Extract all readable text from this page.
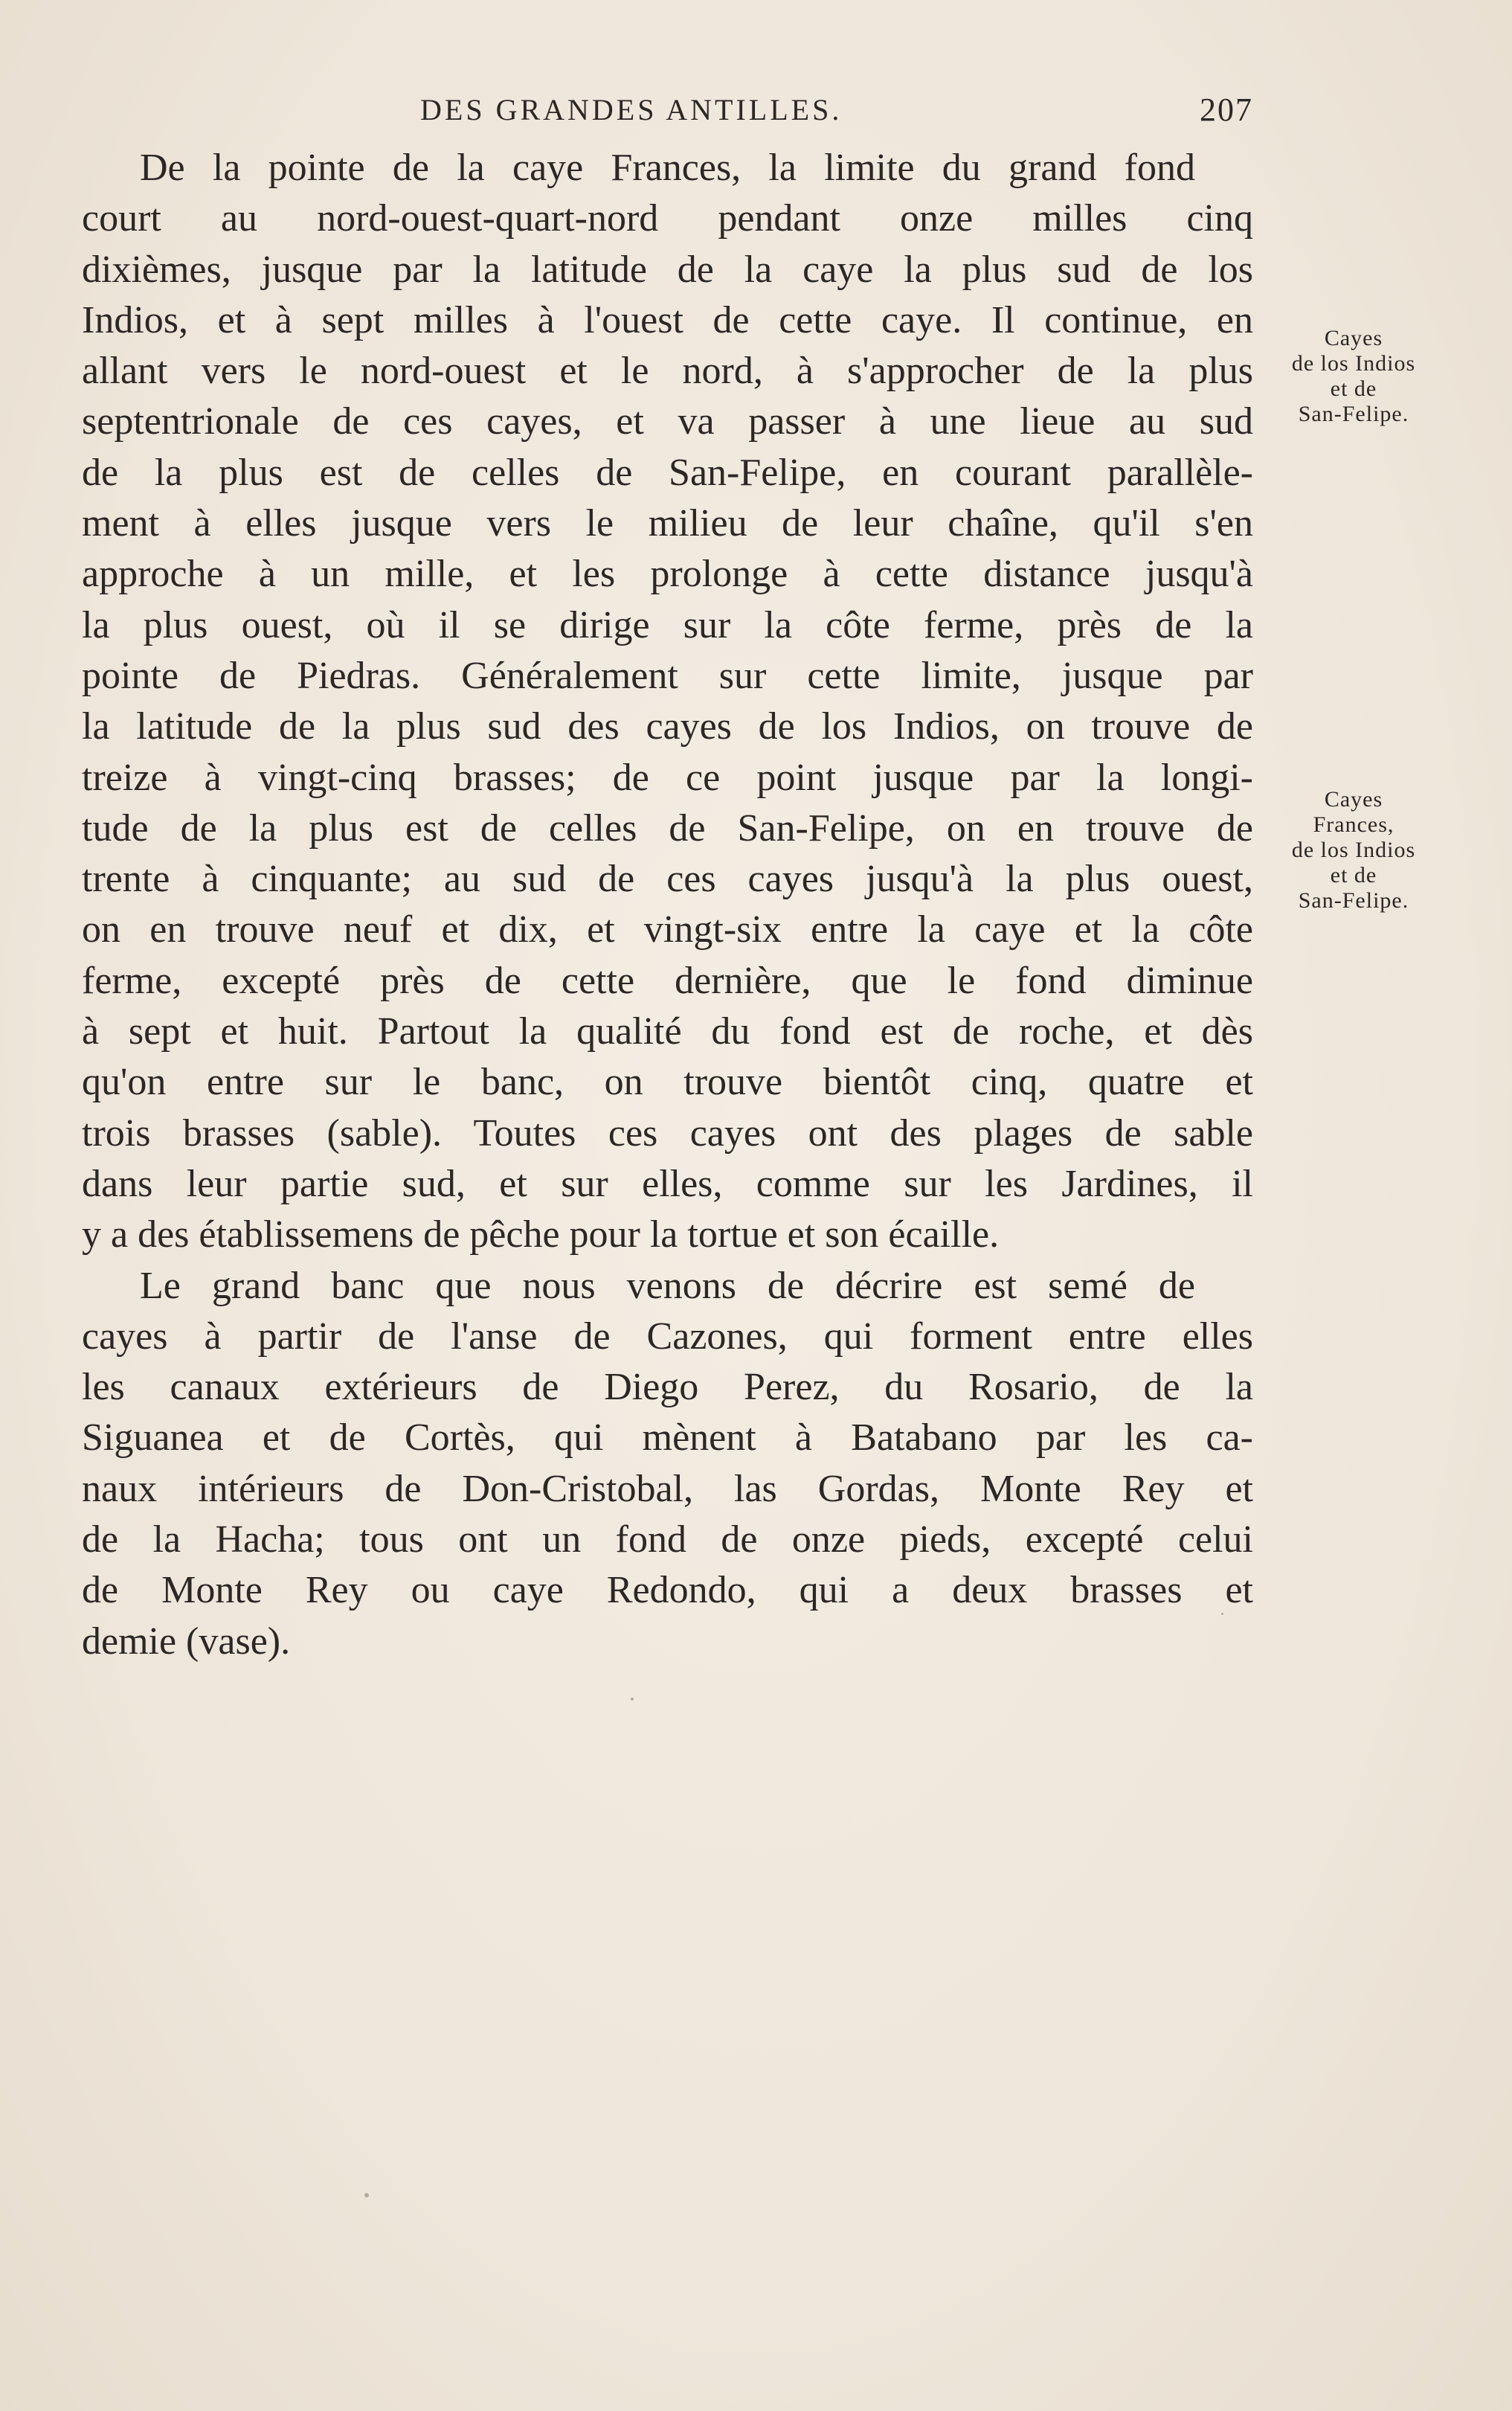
DES GRANDES ANTILLES.	207

De la pointe de la caye Frances, la limite du grand fond
court au nord-ouest-quart-nord pendant onze milles cinq
dixièmes, jusque par la latitude de la caye la plus sud de los
Indios, et à sept milles à l'ouest de cette caye. Il continue, en
allant vers le nord-ouest et le nord, à s'approcher de la plus
septentrionale de ces cayes, et va passer à une lieue au sud
de la plus est de celles de San-Felipe, en courant parallèle-
ment à elles jusque vers le milieu de leur chaîne, qu'il s'en
approche à un mille, et les prolonge à cette distance jusqu'à
la plus ouest, où il se dirige sur la côte ferme, près de la
pointe de Piedras. Généralement sur cette limite, jusque par
la latitude de la plus sud des cayes de los Indios, on trouve de
treize à vingt-cinq brasses; de ce point jusque par la longi-
tude de la plus est de celles de San-Felipe, on en trouve de
trente à cinquante; au sud de ces cayes jusqu'à la plus ouest,
on en trouve neuf et dix, et vingt-six entre la caye et la côte
ferme, excepté près de cette dernière, que le fond diminue
à sept et huit. Partout la qualité du fond est de roche, et dès
qu'on entre sur le banc, on trouve bientôt cinq, quatre et
trois brasses (sable). Toutes ces cayes ont des plages de sable
dans leur partie sud, et sur elles, comme sur les Jardines, il
y a des établissemens de pêche pour la tortue et son écaille.

Le grand banc que nous venons de décrire est semé de
cayes à partir de l'anse de Cazones, qui forment entre elles
les canaux extérieurs de Diego Perez, du Rosario, de la
Siguanea et de Cortès, qui mènent à Batabano par les ca-
naux intérieurs de Don-Cristobal, las Gordas, Monte Rey et
de la Hacha; tous ont un fond de onze pieds, excepté celui
de Monte Rey ou caye Redondo, qui a deux brasses et
demie (vase).

Cayes
de los Indios
et de
San-Felipe.
Cayes
Frances,
de los Indios
et de
San-Felipe.
